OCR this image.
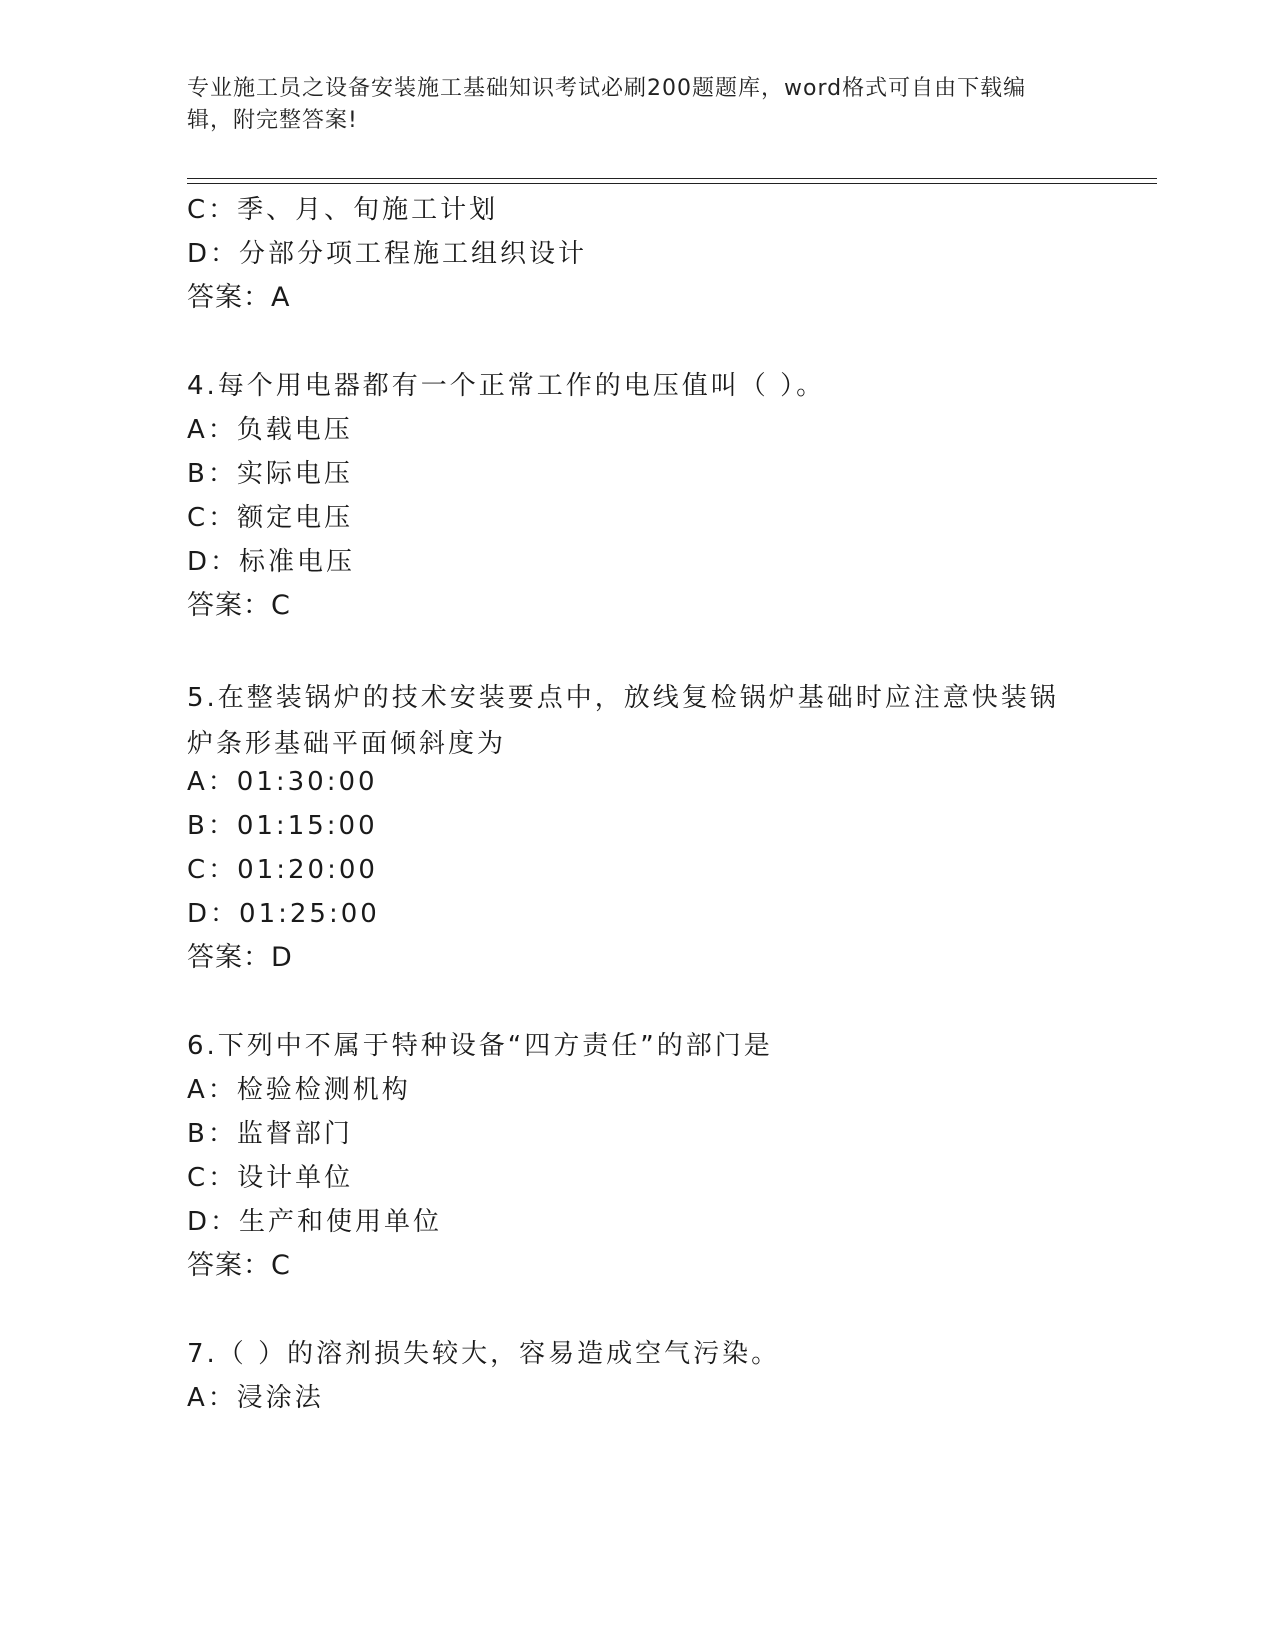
专业施工员之设备安装施工基础知识考试必刷200题题库，word格式可自由下载编辑，附完整答案!
C：季、月、旬施工计划
D：分部分项工程施工组织设计
答案：A
4.每个用电器都有一个正常工作的电压值叫（ ）。
A：负载电压
B：实际电压
C：额定电压
D：标准电压
答案：C
5.在整装锅炉的技术安装要点中，放线复检锅炉基础时应注意快装锅炉条形基础平面倾斜度为
A：01:30:00
B：01:15:00
C：01:20:00
D：01:25:00
答案：D
6.下列中不属于特种设备“四方责任”的部门是
A：检验检测机构
B：监督部门
C：设计单位
D：生产和使用单位
答案：C
7.（ ）的溶剂损失较大，容易造成空气污染。
A：浸涂法
